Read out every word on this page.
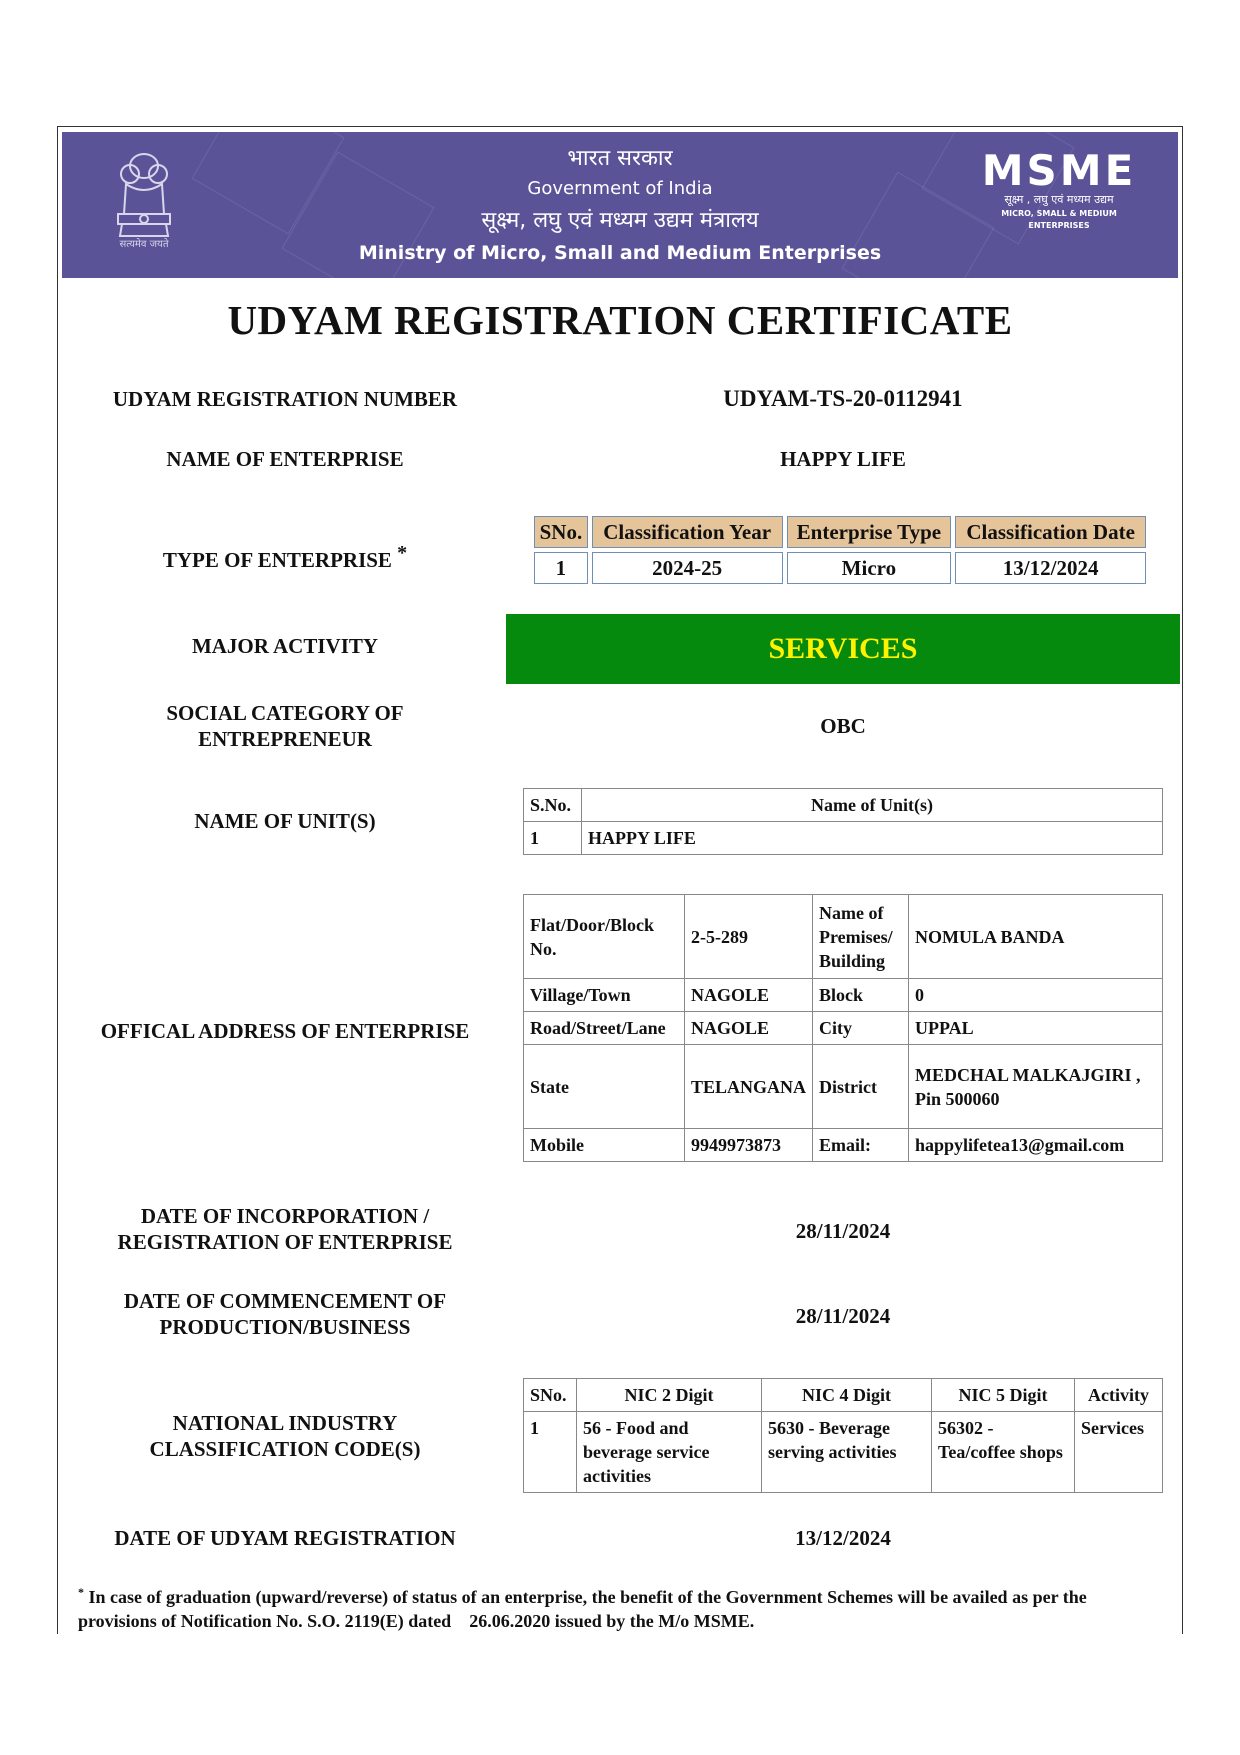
सत्यमेव जयते
भारत सरकार
Government of India
सूक्ष्म, लघु एवं मध्यम उद्यम मंत्रालय
Ministry of Micro, Small and Medium Enterprises
MSME
सूक्ष्म , लघु एवं मध्यम उद्यम
MICRO, SMALL & MEDIUM ENTERPRISES
UDYAM REGISTRATION CERTIFICATE
UDYAM REGISTRATION NUMBER	UDYAM-TS-20-0112941
NAME OF ENTERPRISE	HAPPY LIFE
TYPE OF ENTERPRISE *
SNo.	Classification Year	Enterprise Type	Classification Date
1	2024-25	Micro	13/12/2024
MAJOR ACTIVITY	SERVICES
SOCIAL CATEGORY OF
ENTREPRENEUR
OBC
NAME OF UNIT(S)
S.No.	Name of Unit(s)
1	HAPPY LIFE
OFFICAL ADDRESS OF ENTERPRISE
Flat/Door/Block No.	2-5-289	Name of Premises/ Building	NOMULA BANDA
Village/Town	NAGOLE	Block	0
Road/Street/Lane	NAGOLE	City	UPPAL
State	TELANGANA	District	MEDCHAL MALKAJGIRI , Pin 500060
Mobile	9949973873	Email:	happylifetea13@gmail.com
DATE OF INCORPORATION /
REGISTRATION OF ENTERPRISE	28/11/2024
DATE OF COMMENCEMENT OF
PRODUCTION/BUSINESS	28/11/2024
NATIONAL INDUSTRY
CLASSIFICATION CODE(S)
SNo.	NIC 2 Digit	NIC 4 Digit	NIC 5 Digit	Activity
1	56 - Food and beverage service activities	5630 - Beverage serving activities	56302 - Tea/coffee shops	Services
DATE OF UDYAM REGISTRATION	13/12/2024
* In case of graduation (upward/reverse) of status of an enterprise, the benefit of the Government Schemes will be availed as per the provisions of Notification No. S.O. 2119(E) dated    26.06.2020 issued by the M/o MSME.
